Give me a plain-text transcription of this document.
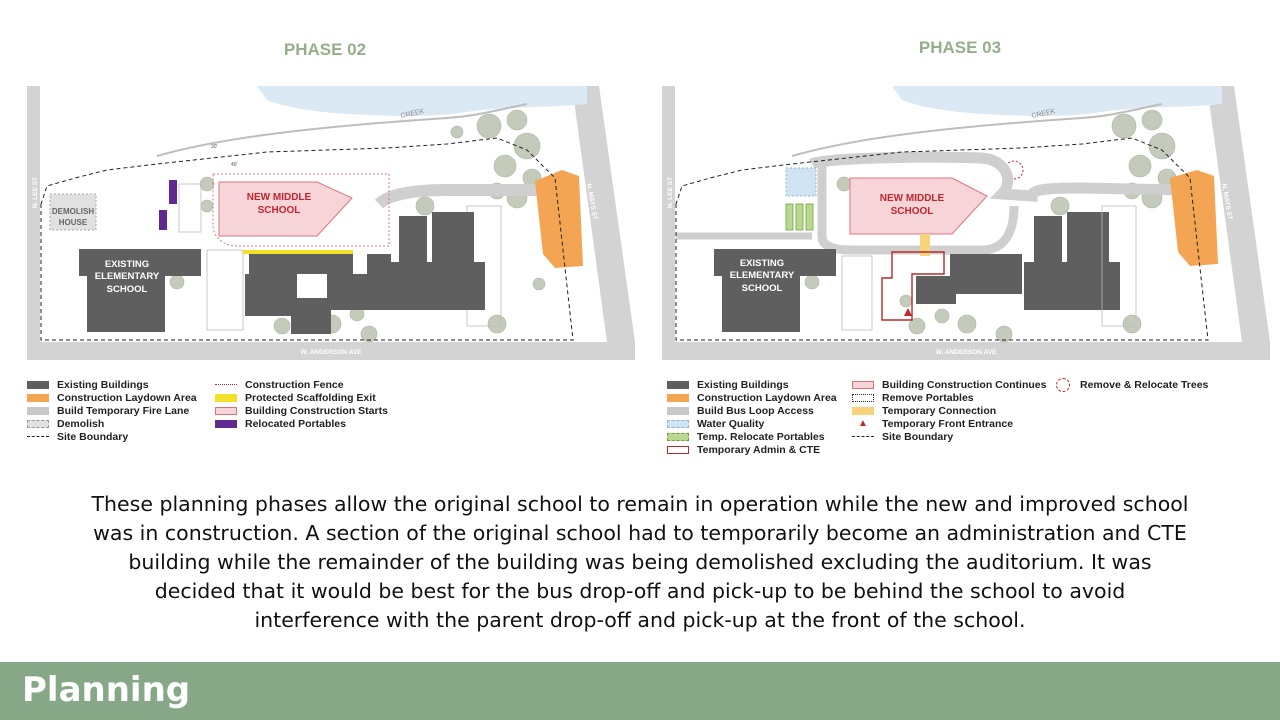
PHASE 02	PHASE 03
CREEK
DEMOLISH
HOUSE
NEW MIDDLE
SCHOOL
30'
40'
EXISTING
ELEMENTARY
SCHOOL
N. LEE ST	N. MAYS ST
W. ANDERSON AVE
CREEK
NEW MIDDLE
SCHOOL
EXISTING
ELEMENTARY
SCHOOL
N. LEE ST	N. MAYS ST
W. ANDERSON AVE
Existing Buildings
Construction Laydown Area
Build Temporary Fire Lane
Demolish
Site Boundary
Construction Fence
Protected Scaffolding Exit
Building Construction Starts
Relocated Portables
Existing Buildings
Construction Laydown Area
Build Bus Loop Access
Water Quality
Temp. Relocate Portables
Temporary Admin & CTE
Building Construction Continues
Remove Portables
Temporary Connection
▲	Temporary Front Entrance
Site Boundary
Remove & Relocate Trees
These planning phases allow the original school to remain in operation while the new and improved school was in construction. A section of the original school had to temporarily become an administration and CTE building while the remainder of the building was being demolished excluding the auditorium. It was decided that it would be best for the bus drop-off and pick-up to be behind the school to avoid interference with the parent drop-off and pick-up at the front of the school.
Planning
